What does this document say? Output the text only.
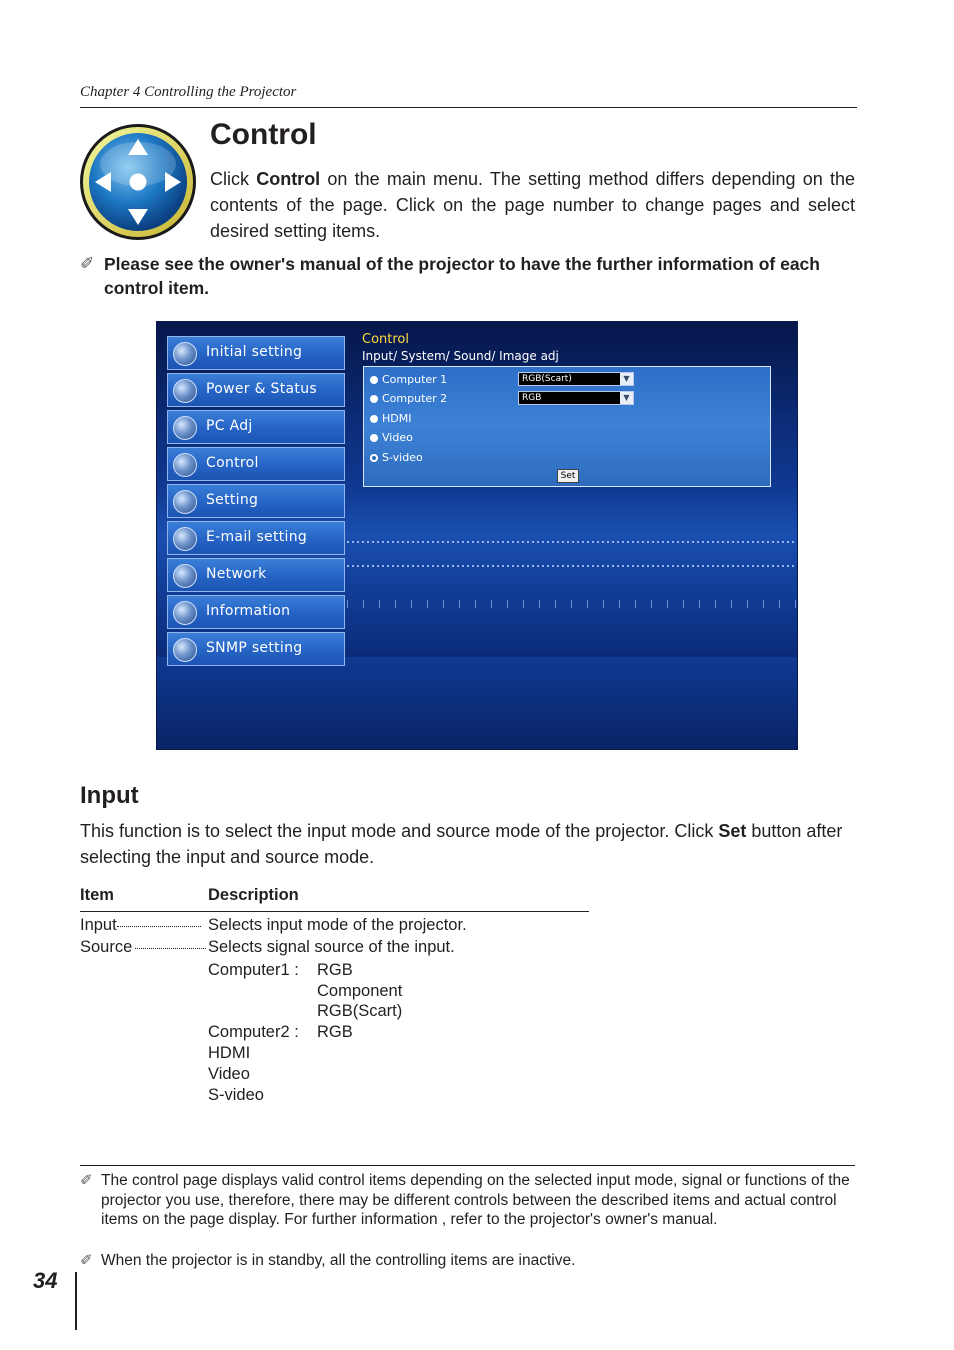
Chapter 4 Controlling the Projector
Control
Click Control on the main menu. The setting method differs depending on the contents of the page. Click on the page number to change pages and select desired setting items.
✐ Please see the owner's manual of the projector to have the further information of each control item.
Initial setting
Power & Status
PC Adj
Control
Setting
E-mail setting
Network
Information
SNMP setting
Control
Input/ System/ Sound/ Image adj
Computer 1	RGB(Scart)	▼
Computer 2	RGB	▼
HDMI
Video
S-video
Set
Input
This function is to select the input mode and source mode of the projector. Click Set button after selecting the input and source mode.
Item	Description
Input	Selects input mode of the projector.
Source	Selects signal source of the input.
Computer1 : RGB
Component
RGB(Scart)
Computer2 : RGB
HDMI
Video
S-video
✐ The control page displays valid control items depending on the selected input mode, signal or functions of the projector you use, therefore, there may be different controls between the described items and actual control items on the page display. For further information , refer to the projector's owner's manual.
✐ When the projector is in standby, all the controlling items are inactive.
34
